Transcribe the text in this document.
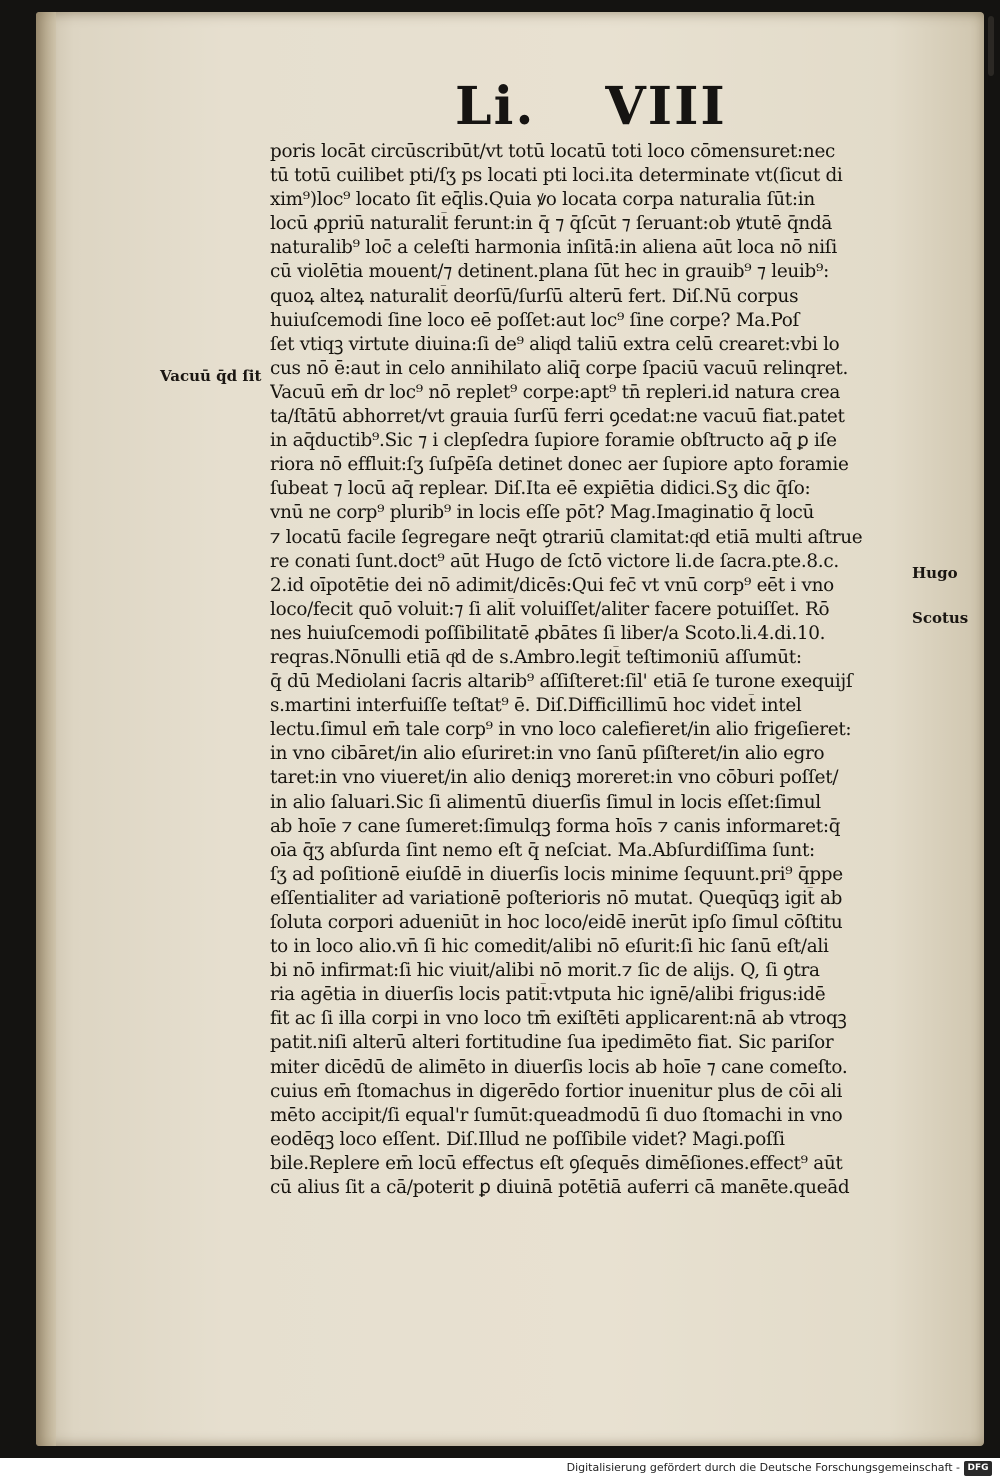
Li. VIII
poris locāt circūscribūt/vt totū locatū toti loco cōmensuret:nec
tū totū cuilibet pti/ſʒ ps locati pti loci.ita determinate vt(ſicut di
xim⁹)loc⁹ locato ſit eq̄lis.Quia ꝟo locata corpa naturalia ſūt:in
locū ꝓpriū naturalit̄ ferunt:in q̄ ⁊ q̄ſcūt ⁊ ſeruant:ob ꝟtutē q̄ndā
naturalib⁹ loc̄ a celeſti harmonia inſitā:in aliena aūt loca nō niſi
cū violētia mouent/⁊ detinent.plana ſūt hec in grauib⁹ ⁊ leuib⁹:
quoꝝ alteꝝ naturalit̄ deorſū/ſurſū alterū fert. Diſ.Nū corpus
huiuſcemodi ſine loco eē poſſet:aut loc⁹ ſine corpe? Ma.Poſ
ſet vtiqꝫ virtute diuina:ſi de⁹ aliqͦd taliū extra celū crearet:vbi lo
cus nō ē:aut in celo annihilato aliq̄ corpe ſpaciū vacuū relinqret.
Vacuū em̄ dr loc⁹ nō replet⁹ corpe:apt⁹ tn̄ repleri.id natura crea
ta/ſtātū abhorret/vt grauia ſurſū ferri ꝯcedat:ne vacuū fiat.patet
in aq̄ductib⁹.Sic ⁊ i clepſedra ſupiore foramie obſtructo aq̄ ꝑ iſe
riora nō effluit:ſʒ ſuſpēſa detinet donec aer ſupiore apto foramie
ſubeat ⁊ locū aq̄ replear. Diſ.Ita eē expiētia didici.Sʒ dic q̄ſo:
vnū ne corp⁹ plurib⁹ in locis eſſe pōt? Mag.Imaginatio q̄ locū
⁊ locatū facile ſegregare neq̄t ꝯtrariū clamitat:qͦd etiā multi aſtrue
re conati ſunt.doct⁹ aūt Hugo de ſctō victore li.de ſacra.pte.8.c.
2.id oīpotētie dei nō adimit/dicēs:Qui fec̄ vt vnū corp⁹ eēt i vno
loco/fecit quō voluit:⁊ ſi alit̄ voluiſſet/aliter facere potuiſſet. Rō
nes huiuſcemodi poſſibilitatē ꝓbātes ſi liber/a Scoto.li.4.di.10.
reqras.Nōnulli etiā qͦd de s.Ambro.legit̄ teſtimoniū aſſumūt:
q̄ dū Mediolani ſacris altarib⁹ aſſiſteret:ſil' etiā ſe turone exequijſ
s.martini interfuiſſe teſtat⁹ ē. Diſ.Difficillimū hoc videt̄ intel
lectu.ſimul em̄ tale corp⁹ in vno loco calefieret/in alio frigeſieret:
in vno cibāret/in alio eſuriret:in vno ſanū pſiſteret/in alio egro
taret:in vno viueret/in alio deniqꝫ moreret:in vno cōburi poſſet/
in alio ſaluari.Sic ſi alimentū diuerſis ſimul in locis eſſet:ſimul
ab hoīe ⁊ cane ſumeret:ſimulqꝫ forma hoīs ⁊ canis informaret:q̄
oīa q̄ʒ abſurda ſint nemo eſt q̄ neſciat. Ma.Abſurdiſſima ſunt:
ſʒ ad poſitionē eiuſdē in diuerſis locis minime ſequunt.pri⁹ q̄ppe
eſſentialiter ad variationē poſterioris nō mutat. Queqūqꝫ igit̄ ab
ſoluta corpori adueniūt in hoc loco/eidē inerūt ipſo ſimul cōſtitu
to in loco alio.vn̄ ſi hic comedit/alibi nō eſurit:ſi hic ſanū eſt/ali
bi nō infirmat:ſi hic viuit/alibi nō morit.⁊ ſic de alijs. Q, ſi ꝯtra
ria agētia in diuerſis locis patit̄:vtputa hic ignē/alibi frigus:idē
fit ac ſi illa corpi in vno loco tm̄ exiſtēti applicarent:nā ab vtroqꝫ
patit.niſi alterū alteri fortitudine ſua ipedimēto fiat. Sic pariſor
miter dicēdū de alimēto in diuerſis locis ab hoīe ⁊ cane comeſto.
cuius em̄ ſtomachus in digerēdo fortior inuenitur plus de cōi ali
mēto accipit/ſi equal'r ſumūt:queadmodū ſi duo ſtomachi in vno
eodēqꝫ loco eſſent. Diſ.Illud ne poſſibile videt? Magi.poſſi
bile.Replere em̄ locū effectus eſt ꝯſequēs dimēſiones.effect⁹ aūt
cū alius ſit a cā/poterit ꝑ diuinā potētiā auferri cā manēte.queād
Vacuū q̄d ſit
Hugo
Scotus
Digitalisierung gefördert durch die Deutsche Forschungsgemeinschaft - DFG
